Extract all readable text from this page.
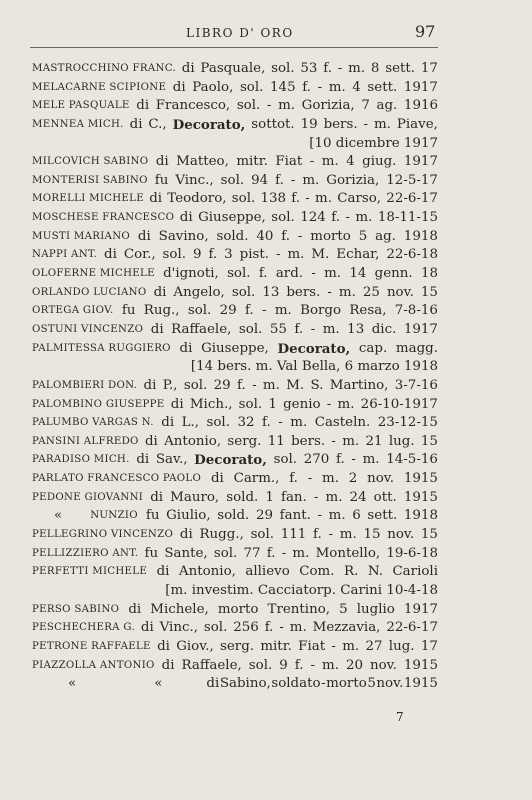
LIBRO D' ORO	97
MASTROCCHINO FRANC. di Pasquale, sol. 53 f. - m. 8 sett. 17
MELACARNE SCIPIONE di Paolo, sol. 145 f. - m. 4 sett. 1917
MELE PASQUALE di Francesco, sol. - m. Gorizia, 7 ag. 1916
MENNEA MICH. di C., Decorato, sottot. 19 bers. - m. Piave,
[10 dicembre 1917
MILCOVICH SABINO di Matteo, mitr. Fiat - m. 4 giug. 1917
MONTERISI SABINO fu Vinc., sol. 94 f. - m. Gorizia, 12-5-17
MORELLI MICHELE di Teodoro, sol. 138 f. - m. Carso, 22-6-17
MOSCHESE FRANCESCO di Giuseppe, sol. 124 f. - m. 18-11-15
MUSTI MARIANO di Savino, sold. 40 f. - morto 5 ag. 1918
NAPPI ANT. di Cor., sol. 9 f. 3 pist. - m. M. Echar, 22-6-18
OLOFERNE MICHELE d'ignoti, sol. f. ard. - m. 14 genn. 18
ORLANDO LUCIANO di Angelo, sol. 13 bers. - m. 25 nov. 15
ORTEGA GIOV. fu Rug., sol. 29 f. - m. Borgo Resa, 7-8-16
OSTUNI VINCENZO di Raffaele, sol. 55 f. - m. 13 dic. 1917
PALMITESSA RUGGIERO di Giuseppe, Decorato, cap. magg.
[14 bers. m. Val Bella, 6 marzo 1918
PALOMBIERI DON. di P., sol. 29 f. - m. M. S. Martino, 3-7-16
PALOMBINO GIUSEPPE di Mich., sol. 1 genio - m. 26-10-1917
PALUMBO VARGAS N. di L., sol. 32 f. - m. Casteln. 23-12-15
PANSINI ALFREDO di Antonio, serg. 11 bers. - m. 21 lug. 15
PARADISO MICH. di Sav., Decorato, sol. 270 f. - m. 14-5-16
PARLATO FRANCESCO PAOLO di Carm., f. - m. 2 nov. 1915
PEDONE GIOVANNI di Mauro, sold. 1 fan. - m. 24 ott. 1915
«	NUNZIO fu Giulio, sold. 29 fant. - m. 6 sett. 1918
PELLEGRINO VINCENZO di Rugg., sol. 111 f. - m. 15 nov. 15
PELLIZZIERO ANT. fu Sante, sol. 77 f. - m. Montello, 19-6-18
PERFETTI MICHELE di Antonio, allievo Com. R. N. Carioli
[m. investim. Cacciatorp. Carini 10-4-18
PERSO SABINO di Michele, morto Trentino, 5 luglio 1917
PESCHECHERA G. di Vinc., sol. 256 f. - m. Mezzavia, 22-6-17
PETRONE RAFFAELE di Giov., serg. mitr. Fiat - m. 27 lug. 17
PIAZZOLLA ANTONIO di Raffaele, sol. 9 f. - m. 20 nov. 1915
«	«	di Sabino, soldato - morto 5 nov. 1915
7
